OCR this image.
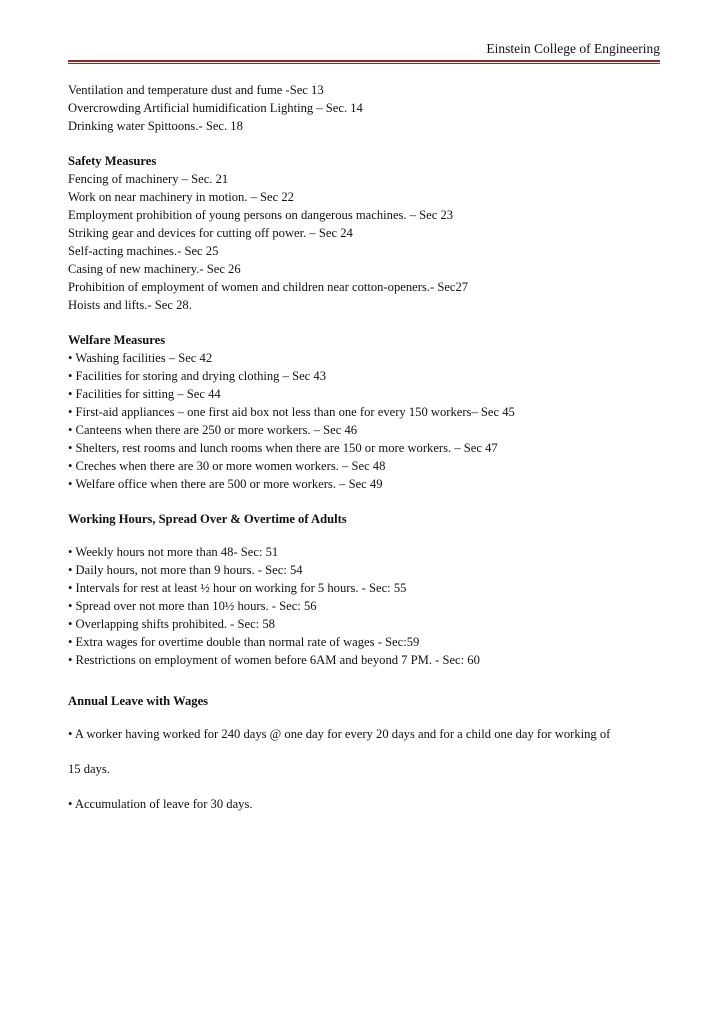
Einstein College of Engineering
Ventilation and temperature dust and fume -Sec 13
Overcrowding Artificial humidification Lighting – Sec. 14
Drinking water Spittoons.- Sec. 18
Safety Measures
Fencing of machinery – Sec. 21
Work on near machinery in motion. – Sec 22
Employment prohibition of young persons on dangerous machines. – Sec 23
Striking gear and devices for cutting off power. – Sec 24
Self-acting machines.- Sec 25
Casing of new machinery.- Sec 26
Prohibition of employment of women and children near cotton-openers.- Sec27
Hoists and lifts.- Sec 28.
Welfare Measures
• Washing facilities – Sec 42
• Facilities for storing and drying clothing – Sec 43
• Facilities for sitting – Sec 44
• First-aid appliances – one first aid box not less than one for every 150 workers– Sec 45
• Canteens when there are 250 or more workers. – Sec 46
• Shelters, rest rooms and lunch rooms when there are 150 or more workers. – Sec 47
• Creches when there are 30 or more women workers. – Sec 48
• Welfare office when there are 500 or more workers. – Sec 49
Working Hours, Spread Over & Overtime of Adults
• Weekly hours not more than 48- Sec: 51
• Daily hours, not more than 9 hours. - Sec: 54
• Intervals for rest at least ½ hour on working for 5 hours. - Sec: 55
• Spread over not more than 10½ hours. - Sec: 56
• Overlapping shifts prohibited. - Sec: 58
• Extra wages for overtime double than normal rate of wages - Sec:59
• Restrictions on employment of women before 6AM and beyond 7 PM. - Sec: 60
Annual Leave with Wages
• A worker having worked for 240 days @ one day for every 20 days and for a child one day for working of
15 days.
• Accumulation of leave for 30 days.
